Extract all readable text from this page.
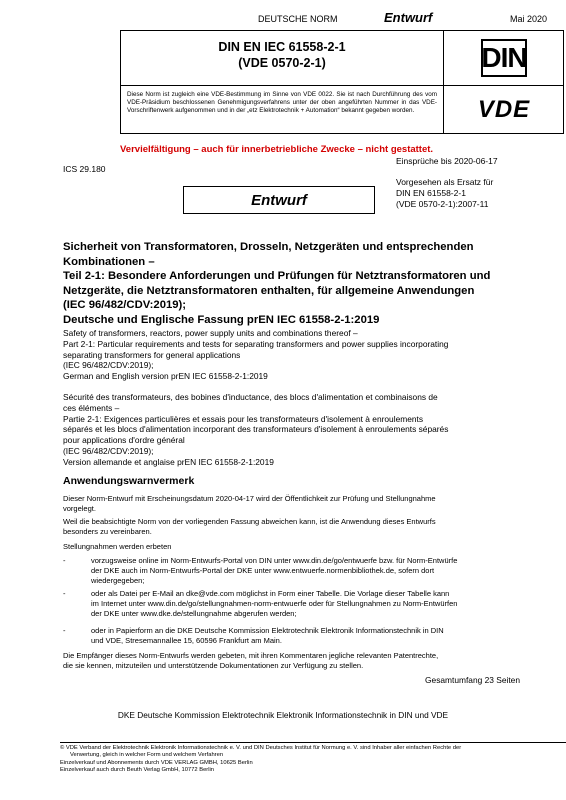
DEUTSCHE NORM	Entwurf	Mai 2020
DIN EN IEC 61558-2-1
(VDE 0570-2-1)	DIN
Diese Norm ist zugleich eine VDE-Bestimmung im Sinne von VDE 0022. Sie ist nach Durchführung des vom VDE-Präsidium beschlossenen Genehmigungsverfahrens unter der oben angeführten Nummer in das VDE-Vorschriftenwerk aufgenommen und in der „etz Elektrotechnik + Automation“ bekannt gegeben worden.	VDE
Vervielfältigung – auch für innerbetriebliche Zwecke – nicht gestattet.
ICS 29.180
Einsprüche bis 2020-06-17
Vorgesehen als Ersatz für
DIN EN 61558-2-1
(VDE 0570-2-1):2007-11
Entwurf
Sicherheit von Transformatoren, Drosseln, Netzgeräten und entsprechenden
Kombinationen –
Teil 2-1: Besondere Anforderungen und Prüfungen für Netztransformatoren und
Netzgeräte, die Netztransformatoren enthalten, für allgemeine Anwendungen
(IEC 96/482/CDV:2019);
Deutsche und Englische Fassung prEN IEC 61558-2-1:2019
Safety of transformers, reactors, power supply units and combinations thereof –
Part 2-1: Particular requirements and tests for separating transformers and power supplies incorporating
separating transformers for general applications
(IEC 96/482/CDV:2019);
German and English version prEN IEC 61558-2-1:2019
Sécurité des transformateurs, des bobines d'inductance, des blocs d'alimentation et combinaisons de
ces éléments –
Partie 2-1: Exigences particulières et essais pour les transformateurs d'isolement à enroulements
séparés et les blocs d'alimentation incorporant des transformateurs d'isolement à enroulements séparés
pour applications d'ordre général
(IEC 96/482/CDV:2019);
Version allemande et anglaise prEN IEC 61558-2-1:2019
Anwendungswarnvermerk
Dieser Norm-Entwurf mit Erscheinungsdatum 2020-04-17 wird der Öffentlichkeit zur Prüfung und Stellungnahme
vorgelegt.
Weil die beabsichtigte Norm von der vorliegenden Fassung abweichen kann, ist die Anwendung dieses Entwurfs
besonders zu vereinbaren.
Stellungnahmen werden erbeten
-	vorzugsweise online im Norm-Entwurfs-Portal von DIN unter www.din.de/go/entwuerfe bzw. für Norm-Entwürfe
der DKE auch im Norm-Entwurfs-Portal der DKE unter www.entwuerfe.normenbibliothek.de, sofern dort
wiedergegeben;
-	oder als Datei per E-Mail an dke@vde.com möglichst in Form einer Tabelle. Die Vorlage dieser Tabelle kann
im Internet unter www.din.de/go/stellungnahmen-norm-entwuerfe oder für Stellungnahmen zu Norm-Entwürfen
der DKE unter www.dke.de/stellungnahme abgerufen werden;
-	oder in Papierform an die DKE Deutsche Kommission Elektrotechnik Elektronik Informationstechnik in DIN
und VDE, Stresemannallee 15, 60596 Frankfurt am Main.
Die Empfänger dieses Norm-Entwurfs werden gebeten, mit ihren Kommentaren jegliche relevanten Patentrechte,
die sie kennen, mitzuteilen und unterstützende Dokumentationen zur Verfügung zu stellen.
Gesamtumfang 23 Seiten
DKE Deutsche Kommission Elektrotechnik Elektronik Informationstechnik in DIN und VDE
© VDE Verband der Elektrotechnik Elektronik Informationstechnik e. V. und DIN Deutsches Institut für Normung e. V. sind Inhaber aller einfachen Rechte der
Verwertung, gleich in welcher Form und welchem Verfahren
Einzelverkauf und Abonnements durch VDE VERLAG GMBH, 10625 Berlin
Einzelverkauf auch durch Beuth Verlag GmbH, 10772 Berlin
